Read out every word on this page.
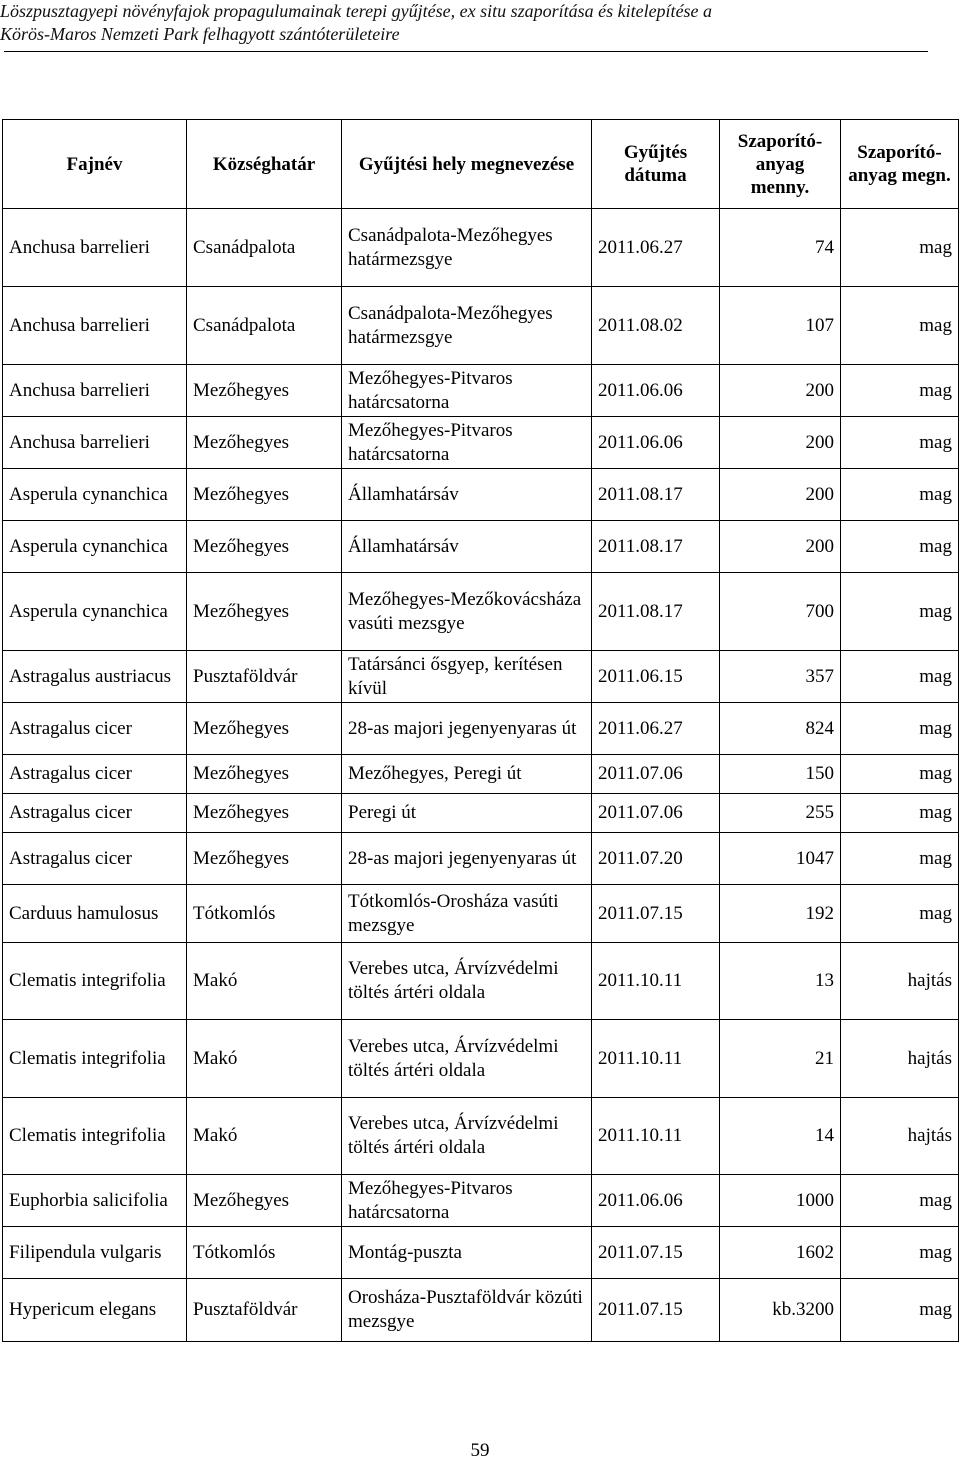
Löszpusztagyepi növényfajok propagulumainak terepi gyűjtése, ex situ szaporítása és kitelepítése a
Körös-Maros Nemzeti Park felhagyott szántóterületeire
Fajnév	Községhatár	Gyűjtési hely megnevezése	Gyűjtés dátuma	Szaporító-anyag menny.	Szaporító-anyag megn.
Anchusa barrelieri	Csanádpalota	Csanádpalota-Mezőhegyes határmezsgye	2011.06.27	74	mag
Anchusa barrelieri	Csanádpalota	Csanádpalota-Mezőhegyes határmezsgye	2011.08.02	107	mag
Anchusa barrelieri	Mezőhegyes	Mezőhegyes-Pitvaros határcsatorna	2011.06.06	200	mag
Anchusa barrelieri	Mezőhegyes	Mezőhegyes-Pitvaros határcsatorna	2011.06.06	200	mag
Asperula cynanchica	Mezőhegyes	Államhatársáv	2011.08.17	200	mag
Asperula cynanchica	Mezőhegyes	Államhatársáv	2011.08.17	200	mag
Asperula cynanchica	Mezőhegyes	Mezőhegyes-Mezőkovácsháza vasúti mezsgye	2011.08.17	700	mag
Astragalus austriacus	Pusztaföldvár	Tatársánci ősgyep, kerítésen kívül	2011.06.15	357	mag
Astragalus cicer	Mezőhegyes	28-as majori jegenyenyaras út	2011.06.27	824	mag
Astragalus cicer	Mezőhegyes	Mezőhegyes, Peregi út	2011.07.06	150	mag
Astragalus cicer	Mezőhegyes	Peregi út	2011.07.06	255	mag
Astragalus cicer	Mezőhegyes	28-as majori jegenyenyaras út	2011.07.20	1047	mag
Carduus hamulosus	Tótkomlós	Tótkomlós-Orosháza vasúti mezsgye	2011.07.15	192	mag
Clematis integrifolia	Makó	Verebes utca, Árvízvédelmi töltés ártéri oldala	2011.10.11	13	hajtás
Clematis integrifolia	Makó	Verebes utca, Árvízvédelmi töltés ártéri oldala	2011.10.11	21	hajtás
Clematis integrifolia	Makó	Verebes utca, Árvízvédelmi töltés ártéri oldala	2011.10.11	14	hajtás
Euphorbia salicifolia	Mezőhegyes	Mezőhegyes-Pitvaros határcsatorna	2011.06.06	1000	mag
Filipendula vulgaris	Tótkomlós	Montág-puszta	2011.07.15	1602	mag
Hypericum elegans	Pusztaföldvár	Orosháza-Pusztaföldvár közúti mezsgye	2011.07.15	kb.3200	mag
59
